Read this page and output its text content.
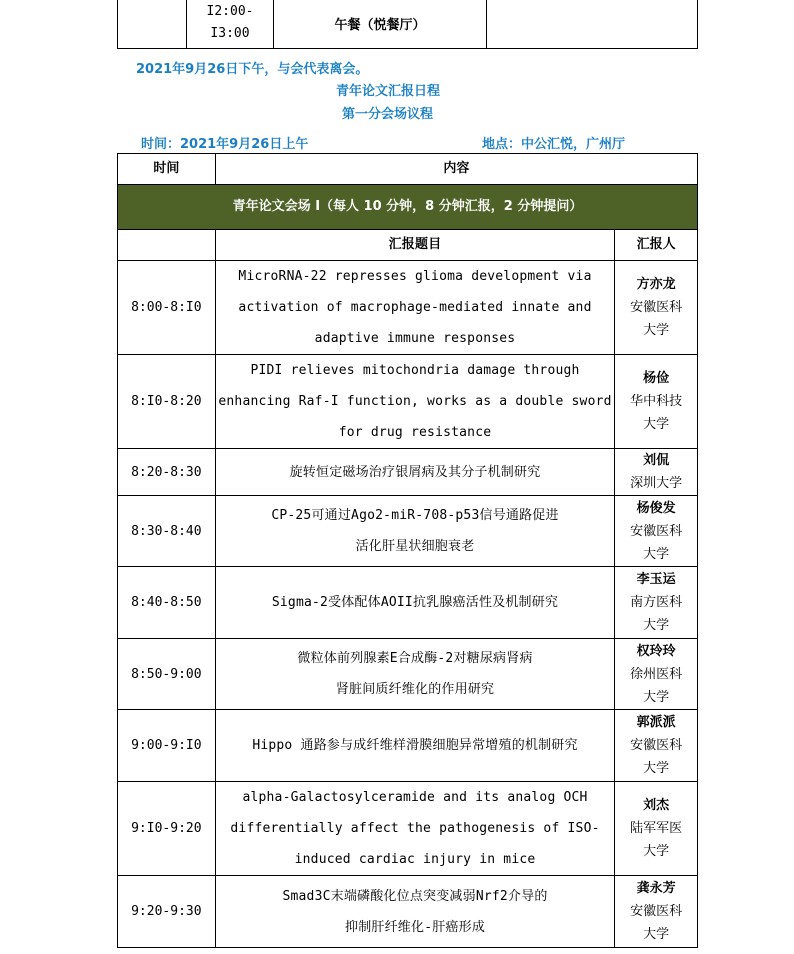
	I2:00-
I3:00	午餐（悦餐厅）	
2021年9月26日下午，与会代表离会。
青年论文汇报日程
第一分会场议程
时间：2021年9月26日上午	地点：中公汇悦，广州厅
时间	内容	
青年论文会场 I（每人 10 分钟，8 分钟汇报，2 分钟提问）		
	汇报题目	汇报人
8:00-8:I0	MicroRNA-22 represses glioma development via
activation of macrophage-mediated innate and
adaptive immune responses	方亦龙
安徽医科
大学

8:I0-8:20	PIDI relieves mitochondria damage through
enhancing Raf-I function, works as a double sword
for drug resistance	杨俭
华中科技
大学

8:20-8:30	旋转恒定磁场治疗银屑病及其分子机制研究	刘侃
深圳大学

8:30-8:40	CP-25可通过Ago2-miR-708-p53信号通路促进
活化肝星状细胞衰老	杨俊发
安徽医科
大学

8:40-8:50	Sigma-2受体配体AOII抗乳腺癌活性及机制研究	李玉运
南方医科
大学

8:50-9:00	微粒体前列腺素E合成酶-2对糖尿病肾病
肾脏间质纤维化的作用研究	权玲玲
徐州医科
大学

9:00-9:I0	Hippo 通路参与成纤维样滑膜细胞异常增殖的机制研究	郭派派
安徽医科
大学

9:I0-9:20	alpha-Galactosylceramide and its analog OCH
differentially affect the pathogenesis of ISO-
induced cardiac injury in mice	刘杰
陆军军医
大学

9:20-9:30	Smad3C末端磷酸化位点突变减弱Nrf2介导的
抑制肝纤维化-肝癌形成	龚永芳
安徽医科
大学
